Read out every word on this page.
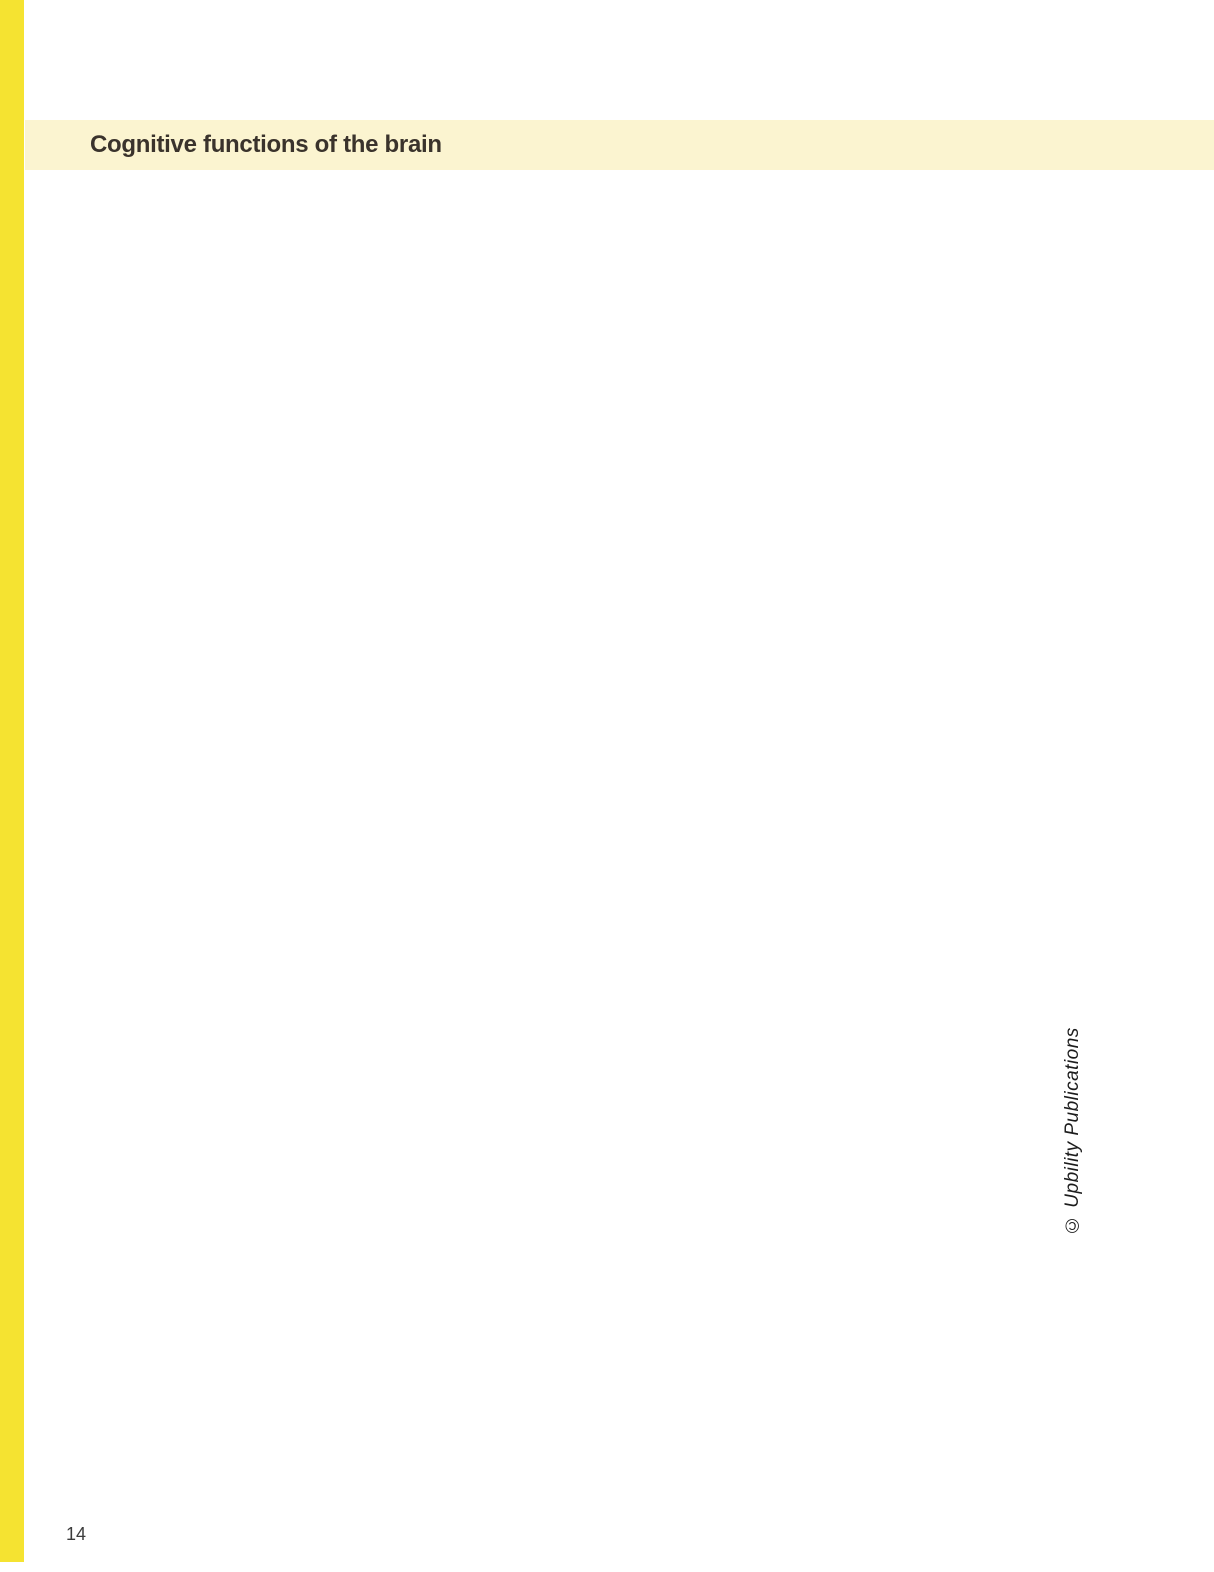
Cognitive functions of the brain
© Upbility Publications
14
